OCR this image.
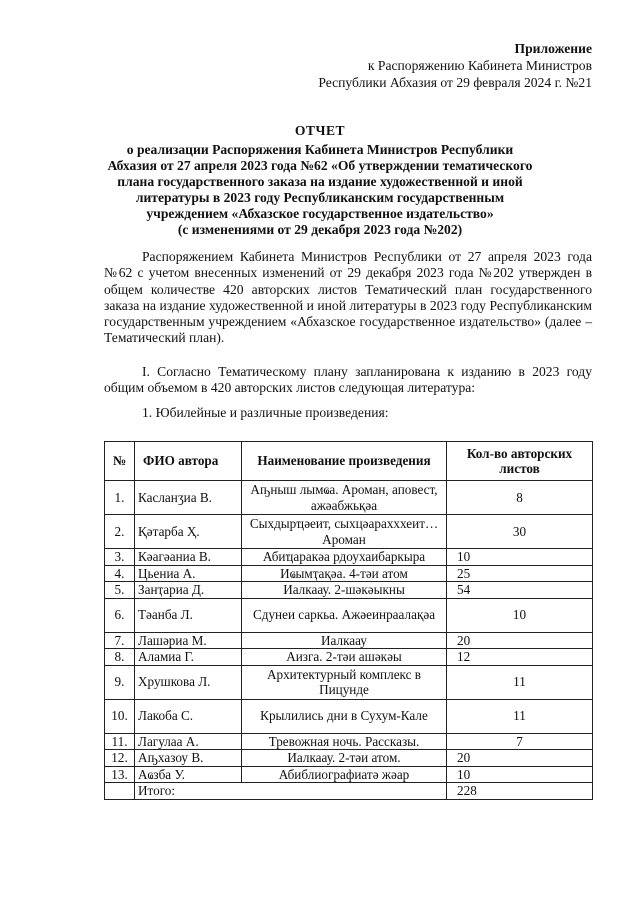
Приложение
к Распоряжению Кабинета Министров
Республики Абхазия от 29 февраля 2024 г. №21
ОТЧЕТ
о реализации Распоряжения Кабинета Министров Республики
Абхазия от 27 апреля 2023 года №62 «Об утверждении тематического
плана государственного заказа на издание художественной и иной
литературы в 2023 году Республиканским государственным
учреждением «Абхазское государственное издательство»
(с изменениями от 29 декабря 2023 года №202)
Распоряжением Кабинета Министров Республики от 27 апреля 2023 года №62 с учетом внесенных изменений от 29 декабря 2023 года №202 утвержден в общем количестве 420 авторских листов Тематический план государственного заказа на издание художественной и иной литературы в 2023 году Республиканским государственным учреждением «Абхазское государственное издательство» (далее – Тематический план).
I. Согласно Тематическому плану запланирована к изданию в 2023 году общим объемом в 420 авторских листов следующая литература:
1. Юбилейные и различные произведения:
№	ФИО автора	Наименование произведения	Кол-во авторских листов
1.	Касланӡиа В.	Аҧныш лымҩа. Ароман, аповест, ажәабжьқәа	8
2.	Қәтарба Ҳ.	Сыхдырҵәеит, сыхцәарахххеит… Ароман	30
3.	Кәагәаниа В.	Абиҵаракәа рдоухаибаркыра	10
4.	Цьениа А.	Иҩымҭақәа. 4-тәи атом	25
5.	Занҭариа Д.	Иалкаау. 2-шәкәыкны	54
6.	Тәанба Л.	Сдунеи саркьа. Ажәеинраалақәа	10
7.	Лашәриа М.	Иалкаау	20
8.	Аламиа Г.	Аизга. 2-тәи ашәкәы	12
9.	Хрушкова Л.	Архитектурный комплекс в Пицунде	11
10.	Лакоба С.	Крылились дни в Сухум-Кале	11
11.	Лагулаа А.	Тревожная ночь. Рассказы.	7
12.	Аҧхазоу В.	Иалкаау. 2-тәи атом.	20
13.	Аҩзба У.	Абиблиографиатә жәар	10
	Итого:		228
